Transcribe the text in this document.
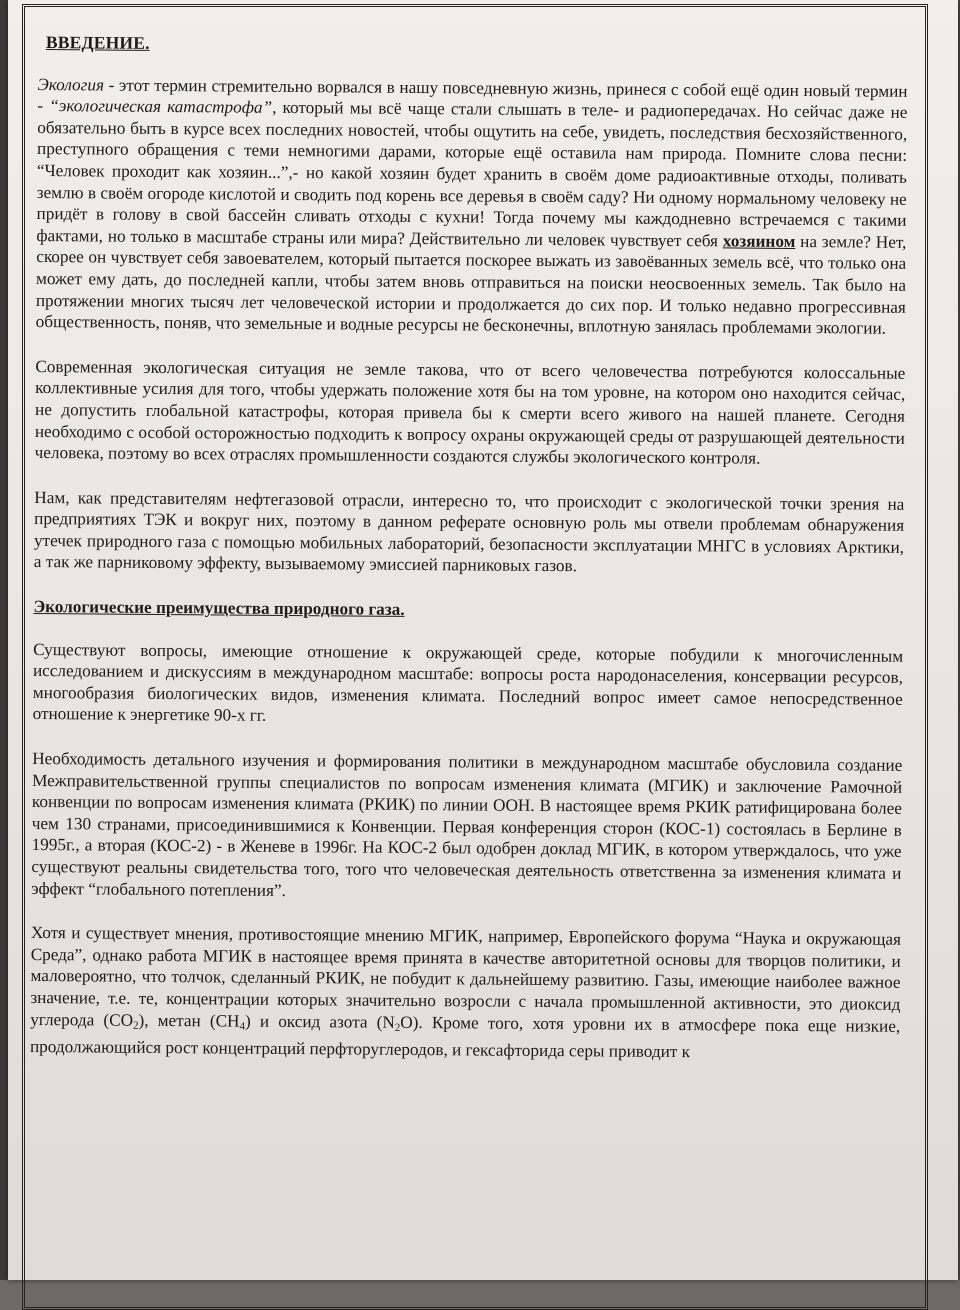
ВВЕДЕНИЕ.

Экология - этот термин стремительно ворвался в нашу повседневную жизнь, принеся с собой ещё один новый термин - “экологическая катастрофа”, который мы всё чаще стали слышать в теле- и радиопередачах. Но сейчас даже не обязательно быть в курсе всех последних новостей, чтобы ощутить на себе, увидеть, последствия бесхозяйственного, преступного обращения с теми немногими дарами, которые ещё оставила нам природа. Помните слова песни: “Человек проходит как хозяин...”,- но какой хозяин будет хранить в своём доме радиоактивные отходы, поливать землю в своём огороде кислотой и сводить под корень все деревья в своём саду? Ни одному нормальному человеку не придёт в голову в свой бассейн сливать отходы с кухни! Тогда почему мы каждодневно встречаемся с такими фактами, но только в масштабе страны или мира? Действительно ли человек чувствует себя хозяином на земле? Нет, скорее он чувствует себя завоевателем, который пытается поскорее выжать из завоёванных земель всё, что только она может ему дать, до последней капли, чтобы затем вновь отправиться на поиски неосвоенных земель. Так было на протяжении многих тысяч лет человеческой истории и продолжается до сих пор. И только недавно прогрессивная общественность, поняв, что земельные и водные ресурсы не бесконечны, вплотную занялась проблемами экологии.

Современная экологическая ситуация не земле такова, что от всего человечества потребуются колоссальные коллективные усилия для того, чтобы удержать положение хотя бы на том уровне, на котором оно находится сейчас, не допустить глобальной катастрофы, которая привела бы к смерти всего живого на нашей планете. Сегодня необходимо с особой осторожностью подходить к вопросу охраны окружающей среды от разрушающей деятельности человека, поэтому во всех отраслях промышленности создаются службы экологического контроля.

Нам, как представителям нефтегазовой отрасли, интересно то, что происходит с экологической точки зрения на предприятиях ТЭК и вокруг них, поэтому в данном реферате основную роль мы отвели проблемам обнаружения утечек природного газа с помощью мобильных лабораторий, безопасности эксплуатации МНГС в условиях Арктики, а так же парниковому эффекту, вызываемому эмиссией парниковых газов.

Экологические преимущества природного газа.

Существуют вопросы, имеющие отношение к окружающей среде, которые побудили к многочисленным исследованием и дискуссиям в международном масштабе: вопросы роста народонаселения, консервации ресурсов, многообразия биологических видов, изменения климата. Последний вопрос имеет самое непосредственное отношение к энергетике 90-х гг.

Необходимость детального изучения и формирования политики в международном масштабе обусловила создание Межправительственной группы специалистов по вопросам изменения климата (МГИК) и заключение Рамочной конвенции по вопросам изменения климата (РКИК) по линии ООН. В настоящее время РКИК ратифицирована более чем 130 странами, присоединившимися к Конвенции. Первая конференция сторон (КОС-1) состоялась в Берлине в 1995г., а вторая (КОС-2) - в Женеве в 1996г. На КОС-2 был одобрен доклад МГИК, в котором утверждалось, что уже существуют реальны свидетельства того, того что человеческая деятельность ответственна за изменения климата и эффект “глобального потепления”.

Хотя и существует мнения, противостоящие мнению МГИК, например, Европейского форума “Наука и окружающая Среда”, однако работа МГИК в настоящее время принята в качестве авторитетной основы для творцов политики, и маловероятно, что толчок, сделанный РКИК, не побудит к дальнейшему развитию. Газы, имеющие наиболее важное значение, т.е. те, концентрации которых значительно возросли с начала промышленной активности, это диоксид углерода $(CO_2)$, метан $(CH_4)$ и оксид азота $(N_2O)$. Кроме того, хотя уровни их в атмосфере пока еще низкие, продолжающийся рост концентраций перфторуглеродов, и гексафторида серы приводит к
